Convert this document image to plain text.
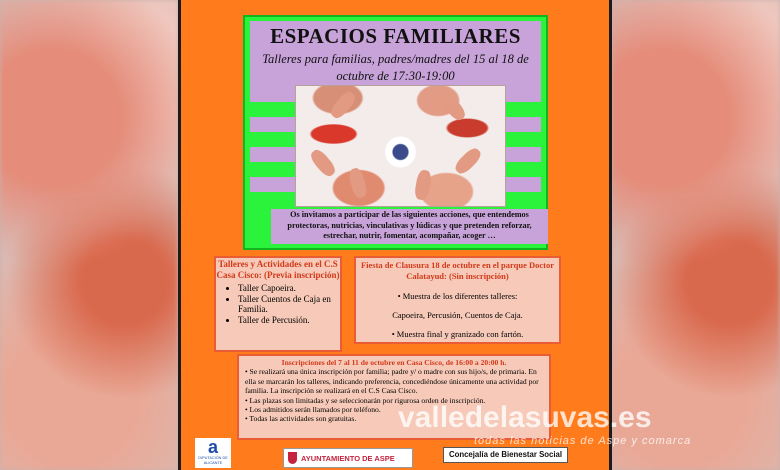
ESPACIOS FAMILIARES
Talleres para familias, padres/madres del 15 al 18 de octubre de 17:30-19:00
Os invitamos a participar de las siguientes acciones, que entendemos protectoras, nutricias, vinculativas y lúdicas y que pretenden reforzar, estrechar, nutrir, fomentar, acompañar, acoger …
Talleres y Actividades en el C.S Casa Cisco: (Previa inscripción)
• Taller Capoeira.
• Taller Cuentos de Caja en Familia.
• Taller de Percusión.
Fiesta de Clausura 18 de octubre en el parque Doctor Calatayud: (Sin inscripción)

• Muestra de los diferentes talleres:

Capoeira, Percusión, Cuentos de Caja.

• Muestra final y granizado con fartón.

Inscripciones del 7 al 11 de octubre en Casa Cisco, de 16:00 a 20:00 h.

• Se realizará una única inscripción por familia; padre y/ o madre con sus hijo/s, de primaria. En ella se marcarán los talleres, indicando preferencia, concediéndose únicamente una actividad por familia. La inscripción se realizará en el C.S Casa Cisco.

• Las plazas son limitadas y se seleccionarán por rigurosa orden de inscripción.

• Los admitidos serán llamados por teléfono.

• Todas las actividades son gratuitas.

a
DIPUTACIÓN DE ALICANTE	AYUNTAMIENTO DE ASPE	Concejalía de Bienestar Social
valledelasuvas.es
todas las noticias de Aspe y comarca
